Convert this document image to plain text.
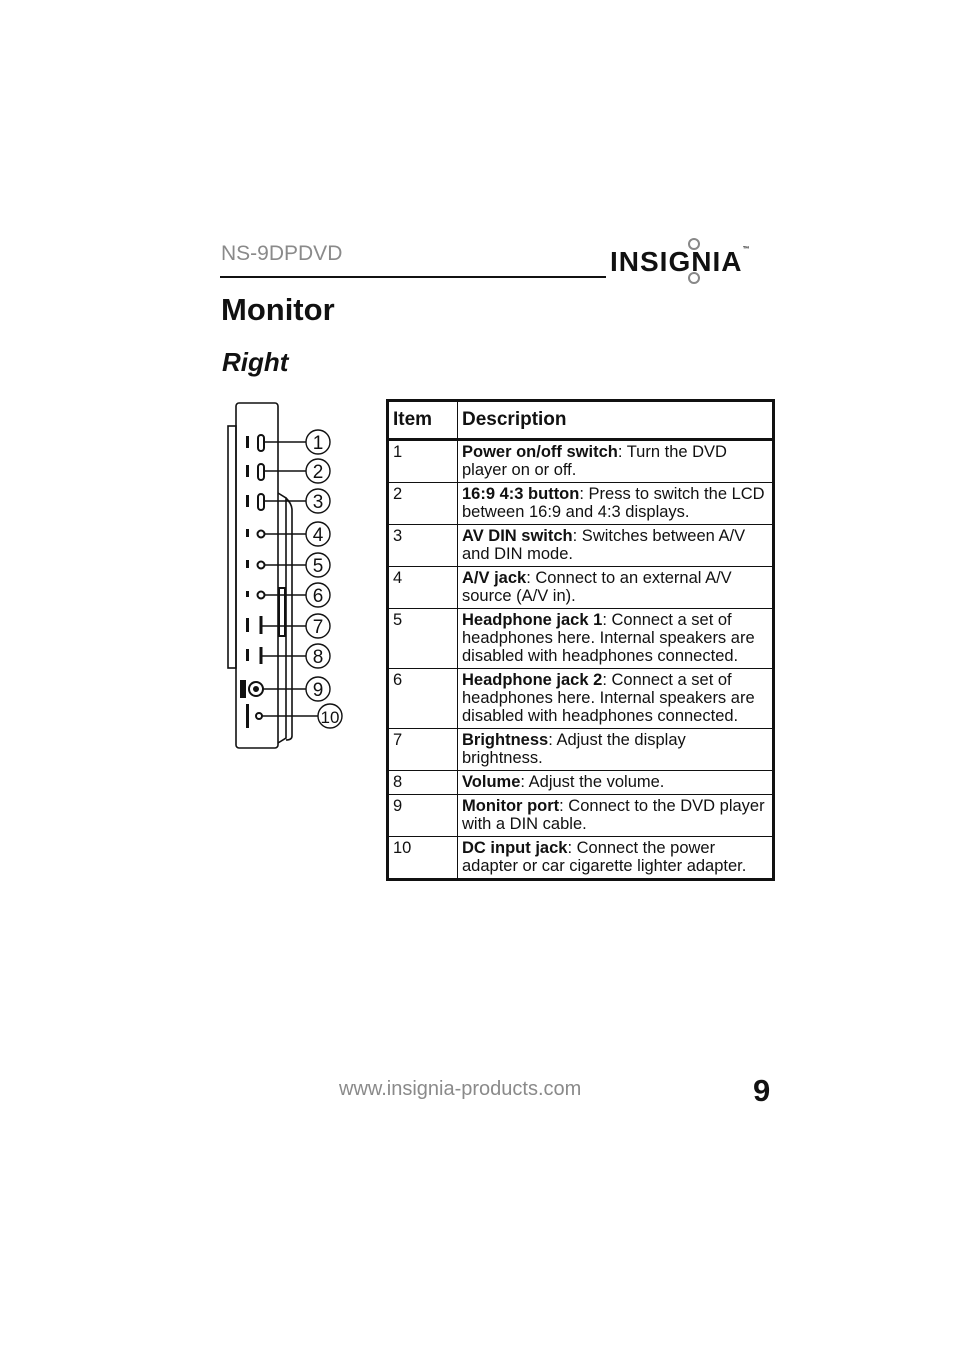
NS-9DPDVD	INSIGNIA™
Monitor
Right
1
2
3
4
5
6
7
8
9
10
Item	Description
1	Power on/off switch: Turn the DVD player on or off.
2	16:9 4:3 button: Press to switch the LCD between 16:9 and 4:3 displays.
3	AV DIN switch: Switches between A/V and DIN mode.
4	A/V jack: Connect to an external A/V source (A/V in).
5	Headphone jack 1: Connect a set of headphones here. Internal speakers are disabled with headphones connected.
6	Headphone jack 2: Connect a set of headphones here. Internal speakers are disabled with headphones connected.
7	Brightness: Adjust the display brightness.
8	Volume: Adjust the volume.
9	Monitor port: Connect to the DVD player with a DIN cable.
10	DC input jack: Connect the power adapter or car cigarette lighter adapter.
www.insignia-products.com	9
